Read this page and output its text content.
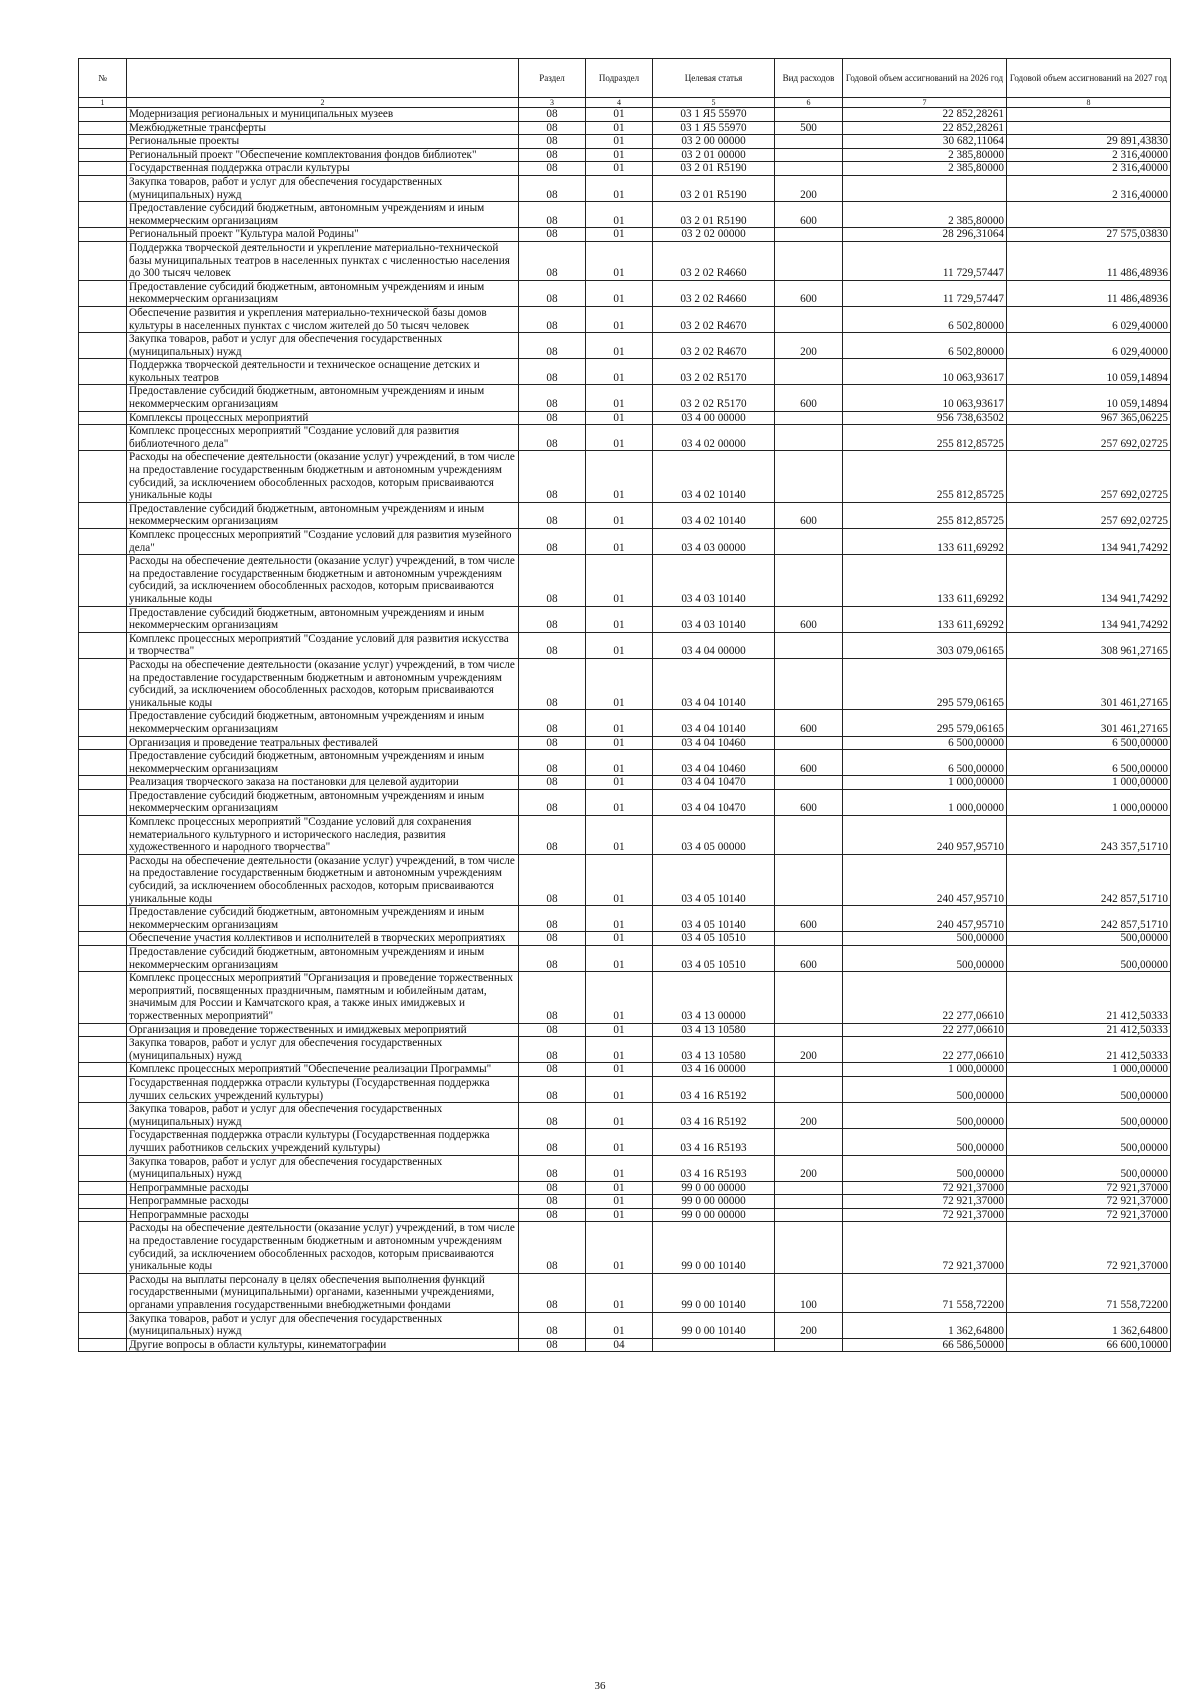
№		Раздел	Подраздел	Целевая статья	Вид расходов	Годовой объем ассигнований на 2026 год	Годовой объем ассигнований на 2027 год
1	2	3	4	5	6	7	8
	Модернизация региональных и муниципальных музеев	08	01	03 1 Я5 55970		22 852,28261	
	Межбюджетные трансферты	08	01	03 1 Я5 55970	500	22 852,28261	
	Региональные проекты	08	01	03 2 00 00000		30 682,11064	29 891,43830
	Региональный проект "Обеспечение комплектования фондов библиотек"	08	01	03 2 01 00000		2 385,80000	2 316,40000
	Государственная поддержка отрасли культуры	08	01	03 2 01 R5190		2 385,80000	2 316,40000
	Закупка товаров, работ и услуг для обеспечения государственных (муниципальных) нужд	08	01	03 2 01 R5190	200		2 316,40000
	Предоставление субсидий бюджетным, автономным учреждениям и иным некоммерческим организациям	08	01	03 2 01 R5190	600	2 385,80000	
	Региональный проект "Культура малой Родины"	08	01	03 2 02 00000		28 296,31064	27 575,03830
	Поддержка творческой деятельности и укрепление материально-технической базы муниципальных театров в населенных пунктах с численностью населения до 300 тысяч человек	08	01	03 2 02 R4660		11 729,57447	11 486,48936
	Предоставление субсидий бюджетным, автономным учреждениям и иным некоммерческим организациям	08	01	03 2 02 R4660	600	11 729,57447	11 486,48936
	Обеспечение развития и укрепления материально-технической базы домов культуры в населенных пунктах с числом жителей до 50 тысяч человек	08	01	03 2 02 R4670		6 502,80000	6 029,40000
	Закупка товаров, работ и услуг для обеспечения государственных (муниципальных) нужд	08	01	03 2 02 R4670	200	6 502,80000	6 029,40000
	Поддержка творческой деятельности и техническое оснащение детских и кукольных театров	08	01	03 2 02 R5170		10 063,93617	10 059,14894
	Предоставление субсидий бюджетным, автономным учреждениям и иным некоммерческим организациям	08	01	03 2 02 R5170	600	10 063,93617	10 059,14894
	Комплексы процессных мероприятий	08	01	03 4 00 00000		956 738,63502	967 365,06225
	Комплекс процессных мероприятий "Создание условий для развития библиотечного дела"	08	01	03 4 02 00000		255 812,85725	257 692,02725
	Расходы на обеспечение деятельности (оказание услуг) учреждений, в том числе на предоставление государственным бюджетным и автономным учреждениям субсидий, за исключением обособленных расходов, которым присваиваются уникальные коды	08	01	03 4 02 10140		255 812,85725	257 692,02725
	Предоставление субсидий бюджетным, автономным учреждениям и иным некоммерческим организациям	08	01	03 4 02 10140	600	255 812,85725	257 692,02725
	Комплекс процессных мероприятий "Создание условий для развития музейного дела"	08	01	03 4 03 00000		133 611,69292	134 941,74292
	Расходы на обеспечение деятельности (оказание услуг) учреждений, в том числе на предоставление государственным бюджетным и автономным учреждениям субсидий, за исключением обособленных расходов, которым присваиваются уникальные коды	08	01	03 4 03 10140		133 611,69292	134 941,74292
	Предоставление субсидий бюджетным, автономным учреждениям и иным некоммерческим организациям	08	01	03 4 03 10140	600	133 611,69292	134 941,74292
	Комплекс процессных мероприятий "Создание условий для развития искусства и творчества"	08	01	03 4 04 00000		303 079,06165	308 961,27165
	Расходы на обеспечение деятельности (оказание услуг) учреждений, в том числе на предоставление государственным бюджетным и автономным учреждениям субсидий, за исключением обособленных расходов, которым присваиваются уникальные коды	08	01	03 4 04 10140		295 579,06165	301 461,27165
	Предоставление субсидий бюджетным, автономным учреждениям и иным некоммерческим организациям	08	01	03 4 04 10140	600	295 579,06165	301 461,27165
	Организация и проведение театральных фестивалей	08	01	03 4 04 10460		6 500,00000	6 500,00000
	Предоставление субсидий бюджетным, автономным учреждениям и иным некоммерческим организациям	08	01	03 4 04 10460	600	6 500,00000	6 500,00000
	Реализация творческого заказа на постановки для целевой аудитории	08	01	03 4 04 10470		1 000,00000	1 000,00000
	Предоставление субсидий бюджетным, автономным учреждениям и иным некоммерческим организациям	08	01	03 4 04 10470	600	1 000,00000	1 000,00000
	Комплекс процессных мероприятий "Создание условий для сохранения нематериального культурного и исторического наследия, развития художественного и народного творчества"	08	01	03 4 05 00000		240 957,95710	243 357,51710
	Расходы на обеспечение деятельности (оказание услуг) учреждений, в том числе на предоставление государственным бюджетным и автономным учреждениям субсидий, за исключением обособленных расходов, которым присваиваются уникальные коды	08	01	03 4 05 10140		240 457,95710	242 857,51710
	Предоставление субсидий бюджетным, автономным учреждениям и иным некоммерческим организациям	08	01	03 4 05 10140	600	240 457,95710	242 857,51710
	Обеспечение участия коллективов и исполнителей в творческих мероприятиях	08	01	03 4 05 10510		500,00000	500,00000
	Предоставление субсидий бюджетным, автономным учреждениям и иным некоммерческим организациям	08	01	03 4 05 10510	600	500,00000	500,00000
	Комплекс процессных мероприятий "Организация и проведение торжественных мероприятий, посвященных праздничным, памятным и юбилейным датам, значимым для России и Камчатского края, а также иных имиджевых и торжественных мероприятий"	08	01	03 4 13 00000		22 277,06610	21 412,50333
	Организация и проведение торжественных и имиджевых мероприятий	08	01	03 4 13 10580		22 277,06610	21 412,50333
	Закупка товаров, работ и услуг для обеспечения государственных (муниципальных) нужд	08	01	03 4 13 10580	200	22 277,06610	21 412,50333
	Комплекс процессных мероприятий "Обеспечение реализации Программы"	08	01	03 4 16 00000		1 000,00000	1 000,00000
	Государственная поддержка отрасли культуры (Государственная поддержка лучших сельских учреждений культуры)	08	01	03 4 16 R5192		500,00000	500,00000
	Закупка товаров, работ и услуг для обеспечения государственных (муниципальных) нужд	08	01	03 4 16 R5192	200	500,00000	500,00000
	Государственная поддержка отрасли культуры (Государственная поддержка лучших работников сельских учреждений культуры)	08	01	03 4 16 R5193		500,00000	500,00000
	Закупка товаров, работ и услуг для обеспечения государственных (муниципальных) нужд	08	01	03 4 16 R5193	200	500,00000	500,00000
	Непрограммные расходы	08	01	99 0 00 00000		72 921,37000	72 921,37000
	Непрограммные расходы	08	01	99 0 00 00000		72 921,37000	72 921,37000
	Непрограммные расходы	08	01	99 0 00 00000		72 921,37000	72 921,37000
	Расходы на обеспечение деятельности (оказание услуг) учреждений, в том числе на предоставление государственным бюджетным и автономным учреждениям субсидий, за исключением обособленных расходов, которым присваиваются уникальные коды	08	01	99 0 00 10140		72 921,37000	72 921,37000
	Расходы на выплаты персоналу в целях обеспечения выполнения функций государственными (муниципальными) органами, казенными учреждениями, органами управления государственными внебюджетными фондами	08	01	99 0 00 10140	100	71 558,72200	71 558,72200
	Закупка товаров, работ и услуг для обеспечения государственных (муниципальных) нужд	08	01	99 0 00 10140	200	1 362,64800	1 362,64800
	Другие вопросы в области культуры, кинематографии	08	04			66 586,50000	66 600,10000
36
